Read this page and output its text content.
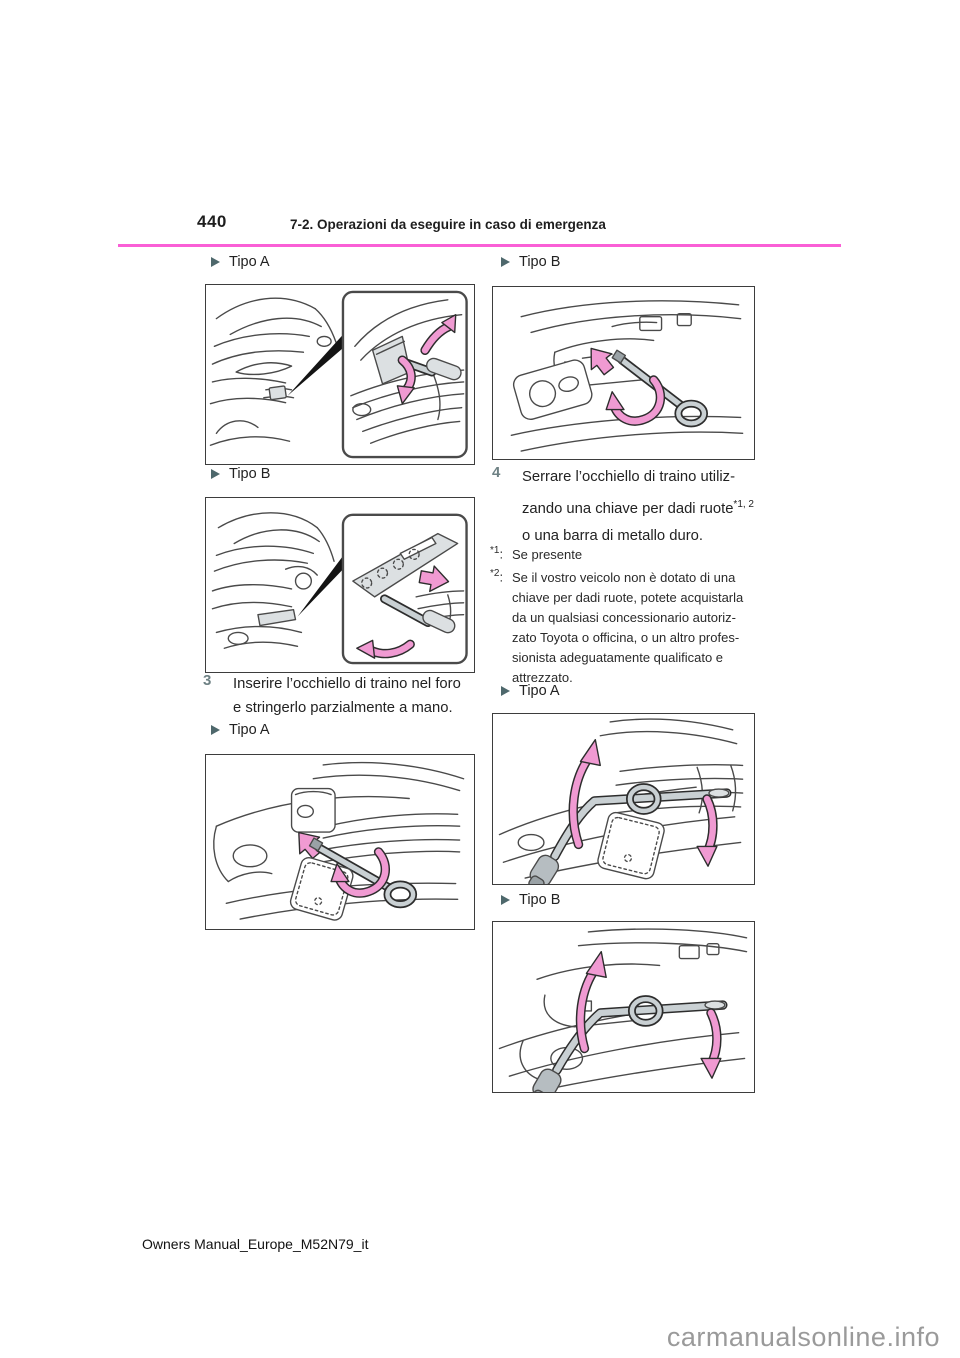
440	7-2. Operazioni da eseguire in caso di emergenza
Tipo A
Tipo B
3	Inserire l’occhiello di traino nel foro
e stringerlo parzialmente a mano.
Tipo A
Tipo B
4	Serrare l’occhiello di traino utiliz-
zando una chiave per dadi ruote$^{*1, 2}$
o una barra di metallo duro.
$^{*1}$: Se presente
$^{*2}$: Se il vostro veicolo non è dotato di una
chiave per dadi ruote, potete acquistarla
da un qualsiasi concessionario autoriz-
zato Toyota o officina, o un altro profes-
sionista adeguatamente qualificato e
attrezzato.
Tipo A
Tipo B
Owners Manual_Europe_M52N79_it
carmanualsonline.info
